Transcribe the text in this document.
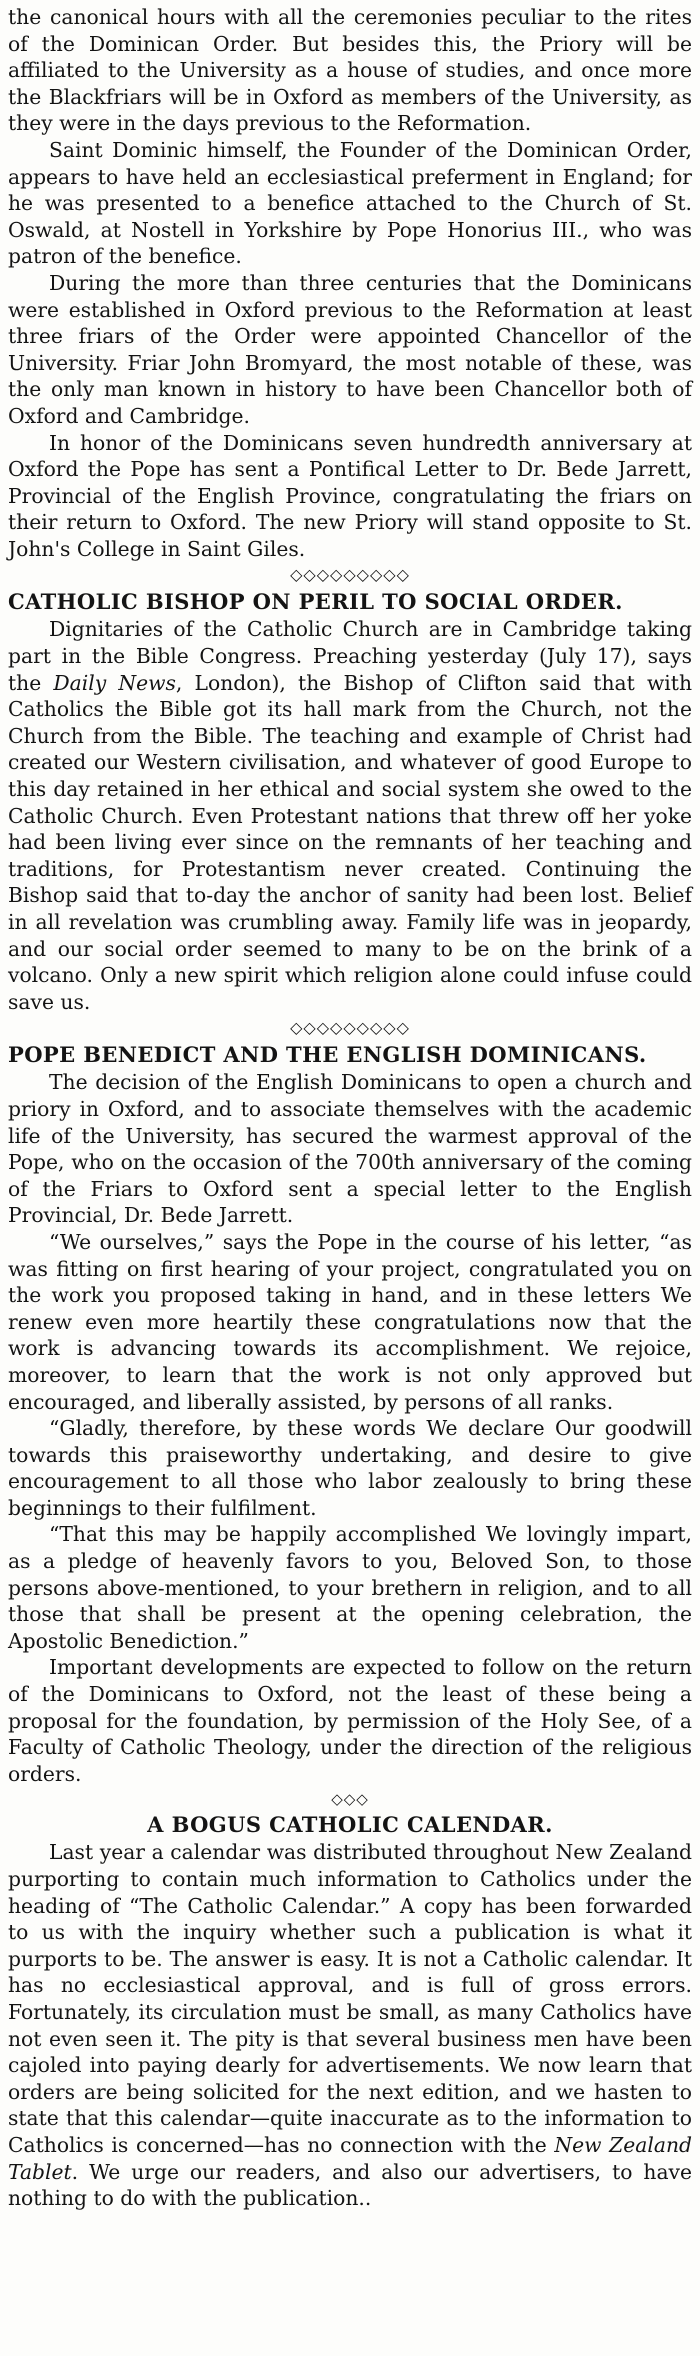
the canonical hours with all the ceremonies peculiar to the rites of the Dominican Order. But besides this, the Priory will be affiliated to the University as a house of studies, and once more the Blackfriars will be in Oxford as members of the University, as they were in the days previous to the Reformation.

Saint Dominic himself, the Founder of the Dominican Order, appears to have held an ecclesiastical preferment in England; for he was presented to a benefice attached to the Church of St. Oswald, at Nostell in Yorkshire by Pope Honorius III., who was patron of the benefice.

During the more than three centuries that the Dominicans were established in Oxford previous to the Reformation at least three friars of the Order were appointed Chancellor of the University. Friar John Bromyard, the most notable of these, was the only man known in history to have been Chancellor both of Oxford and Cambridge.

In honor of the Dominicans seven hundredth anniversary at Oxford the Pope has sent a Pontifical Letter to Dr. Bede Jarrett, Provincial of the English Province, congratulating the friars on their return to Oxford. The new Priory will stand opposite to St. John's College in Saint Giles.

◇◇◇◇◇◇◇◇◇
CATHOLIC BISHOP ON PERIL TO SOCIAL ORDER.

Dignitaries of the Catholic Church are in Cambridge taking part in the Bible Congress. Preaching yesterday (July 17), says the Daily News, London), the Bishop of Clifton said that with Catholics the Bible got its hall mark from the Church, not the Church from the Bible. The teaching and example of Christ had created our Western civilisation, and whatever of good Europe to this day retained in her ethical and social system she owed to the Catholic Church. Even Protestant nations that threw off her yoke had been living ever since on the remnants of her teaching and traditions, for Protestantism never created. Continuing the Bishop said that to-day the anchor of sanity had been lost. Belief in all revelation was crumbling away. Family life was in jeopardy, and our social order seemed to many to be on the brink of a volcano. Only a new spirit which religion alone could infuse could save us.

◇◇◇◇◇◇◇◇◇
POPE BENEDICT AND THE ENGLISH DOMINICANS.

The decision of the English Dominicans to open a church and priory in Oxford, and to associate themselves with the academic life of the University, has secured the warmest approval of the Pope, who on the occasion of the 700th anniversary of the coming of the Friars to Oxford sent a special letter to the English Provincial, Dr. Bede Jarrett.

“We ourselves,” says the Pope in the course of his letter, “as was fitting on first hearing of your project, congratulated you on the work you proposed taking in hand, and in these letters We renew even more heartily these congratulations now that the work is advancing towards its accomplishment. We rejoice, moreover, to learn that the work is not only approved but encouraged, and liberally assisted, by persons of all ranks.

“Gladly, therefore, by these words We declare Our goodwill towards this praiseworthy undertaking, and desire to give encouragement to all those who labor zealously to bring these beginnings to their fulfilment.

“That this may be happily accomplished We lovingly impart, as a pledge of heavenly favors to you, Beloved Son, to those persons above-mentioned, to your brethern in religion, and to all those that shall be present at the opening celebration, the Apostolic Benediction.”

Important developments are expected to follow on the return of the Dominicans to Oxford, not the least of these being a proposal for the foundation, by permission of the Holy See, of a Faculty of Catholic Theology, under the direction of the religious orders.

◇◇◇
A BOGUS CATHOLIC CALENDAR.

Last year a calendar was distributed throughout New Zealand purporting to contain much information to Catholics under the heading of “The Catholic Calendar.” A copy has been forwarded to us with the inquiry whether such a publication is what it purports to be. The answer is easy. It is not a Catholic calendar. It has no ecclesiastical approval, and is full of gross errors. Fortunately, its circulation must be small, as many Catholics have not even seen it. The pity is that several business men have been cajoled into paying dearly for advertisements. We now learn that orders are being solicited for the next edition, and we hasten to state that this calendar—quite inaccurate as to the information to Catholics is concerned—has no connection with the New Zealand Tablet. We urge our readers, and also our advertisers, to have nothing to do with the publication..
